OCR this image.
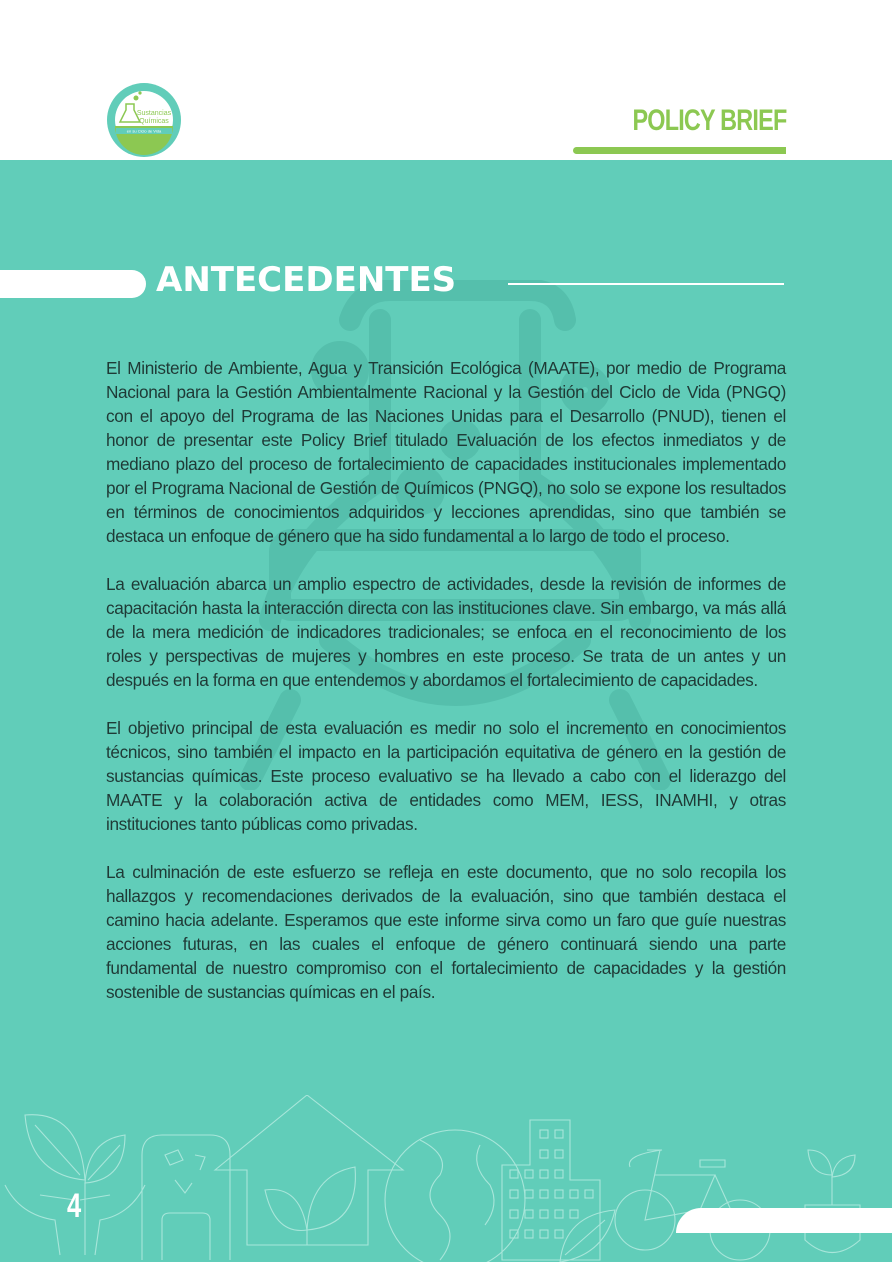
en su Ciclo de Vida
Sustancias
Químicas	POLICY BRIEF
ANTECEDENTES

El Ministerio de Ambiente, Agua y Transición Ecológica (MAATE), por medio de Programa Nacional para la Gestión Ambientalmente Racional y la Gestión del Ciclo de Vida (PNGQ) con el apoyo del Programa de las Naciones Unidas para el Desarrollo (PNUD), tienen el honor de presentar este Policy Brief titulado Evaluación de los efectos inmediatos y de mediano plazo del proceso de fortalecimiento de capacidades institucionales implementado por el Programa Nacional de Gestión de Químicos (PNGQ), no solo se expone los resultados en términos de conocimientos adquiridos y lecciones aprendidas, sino que también se destaca un enfoque de género que ha sido fundamental a lo largo de todo el proceso.

La evaluación abarca un amplio espectro de actividades, desde la revisión de informes de capacitación hasta la interacción directa con las instituciones clave. Sin embargo, va más allá de la mera medición de indicadores tradicionales; se enfoca en el reconocimiento de los roles y perspectivas de mujeres y hombres en este proceso. Se trata de un antes y un después en la forma en que entendemos y abordamos el fortalecimiento de capacidades.

El objetivo principal de esta evaluación es medir no solo el incremento en conocimientos técnicos, sino también el impacto en la participación equitativa de género en la gestión de sustancias químicas. Este proceso evaluativo se ha llevado a cabo con el liderazgo del MAATE y la colaboración activa de entidades como MEM, IESS, INAMHI, y otras instituciones tanto públicas como privadas.

La culminación de este esfuerzo se refleja en este documento, que no solo recopila los hallazgos y recomendaciones derivados de la evaluación, sino que también destaca el camino hacia adelante. Esperamos que este informe sirva como un faro que guíe nuestras acciones futuras, en las cuales el enfoque de género continuará siendo una parte fundamental de nuestro compromiso con el fortalecimiento de capacidades y la gestión sostenible de sustancias químicas en el país.

4
